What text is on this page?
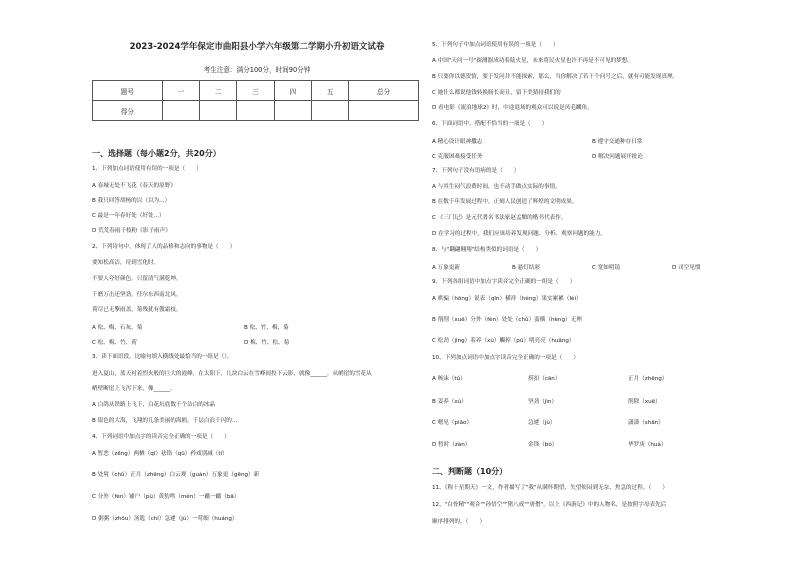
2023-2024学年保定市曲阳县小学六年级第二学期小升初语文试卷
考生注意：满分100分，时间90分钟
题号	一	二	三	四	五	总分
得分						
一、选择题（每小题2分，共20分）
1、下列加点词语使用有误的一项是（　　）
A 春城无处不飞花《春天的原野》
B 我只回答胡杨的以（以为...）
C 最是一年春好处（好处...）
D 荒荒春雨千枝粉《影子雨声》
2、下列诗句中，体现了人的品格和志向的事物是（　　）
要知松高洁，待到雪化时。
不要人夸好颜色，只留清气满乾坤。
千磨万击还坚劲，任尔东西南北风。
荷尽已无擎雨盖，菊残犹有傲霜枝。
A 松、梅、石灰、菊	B 松、竹、梅、菊
C 松、梅、竹、荷	D 梅、竹、松、菊
3、读下面语段，比喻句填入横线处最恰当的一组是（）。
进入夏山，蓝天衬着烈火般的巨大的霞峰，在太阳下，几块白云在雪峰间投下云影，就像______，从峭崖的雪花从
峭壁断崖上飞泻下来，像______。
A 白鸽从铁路上飞下，白花坑底数千个洁白的冰晶
B 银色的大海，飞翔的几条美丽的海鸥，千层白浪千闪的...
4、下列词语中加点字的读音完全正确的一项是（　　）
A 暂恶（zēng）两栖（qī）祛铬（qǔ）矜戏别减（tī）
B 处境（chǔ）正月（zhēng）白云观（guàn）万象更（gēng）新
C 分外（fèn）铺户（pù）黄豹鸣（mén）一蹴一蹴（bā）
D 粥粥（zhōu）汤匙（chí）急遽（jù）一莺细（huáng）
5、下列句子中加点词语使用有误的一项是（　　）
A 中国"天问一号"探测器成功着陆火星，未来将民火星也许不再是不可见的梦想。
B 只要你以德贺情，要于发问并不能探索，那么，当你解决了若干个问号之后，就有可能发现真理。
C 她什么都说他钱转换肠长而且，留下美猜持我们的
D 看电影《流浪地球2》时，中途退场的观众可以说是凤毛麟角。
6、下面词语中，搭配不恰当的一项是（　　）
A 精心设计眼神撒志	B 遵守交通种存日常
C 克服困难接受任务	D 解决问题展开批论
7、下列句子没有语病的是（　　）
A 与其生闷气浪费时间，也不动手做点实际的事情。
B 在数千年发展过程中，正刻人民创造了辉煌的文明成果。
C 《三门记》是元代著名书法家赵孟頫的楷书代表作。
D 在学习的过程中，我们应该培养发现问题、分析、观察问题的能力。
8、与"翻翩翱翔"结构类似的词语是（　　）
A 万象更新	B 悬灯结彩	C 宽如明镜	D 司空见惯
9、下列各组词语中加点字读音完全正确的一组是（　　）
A 哄骗（hōng）说表（qīn）横祥（hèng）果实累累（léi）
B 削削（xuē）分外（fèn）处处（chǔ）蛮横（hèng）无理
C 松劲（jìng）着养（xù）觸掉（pū）明亮亮（huǎng）
10、下列加点词语中加点字读音完全正确的一项是（　　）
A 咳沫（tǔ）	捞扣（cān）	正月（zhēng）
B 姜养（xù）	坚劲（jìn）	削除（xuē）
C 嗯见（piāo）	急遽（jù）	潇潇（shān）
D 暂时（zàn）	金锋（bó）	华罗庚（huà）
二、判断题（10分）
11、《称十星期天》一文，作者描写了"我"从满怀期望、失望烦闷到无奈、焦急的过程。（　　）
12、"白骨精""观音""孙悟空""猪八戒""唐僧"，以上《西游记》中的人物名，是按照字母表先后
顺序排列的。（　　）
